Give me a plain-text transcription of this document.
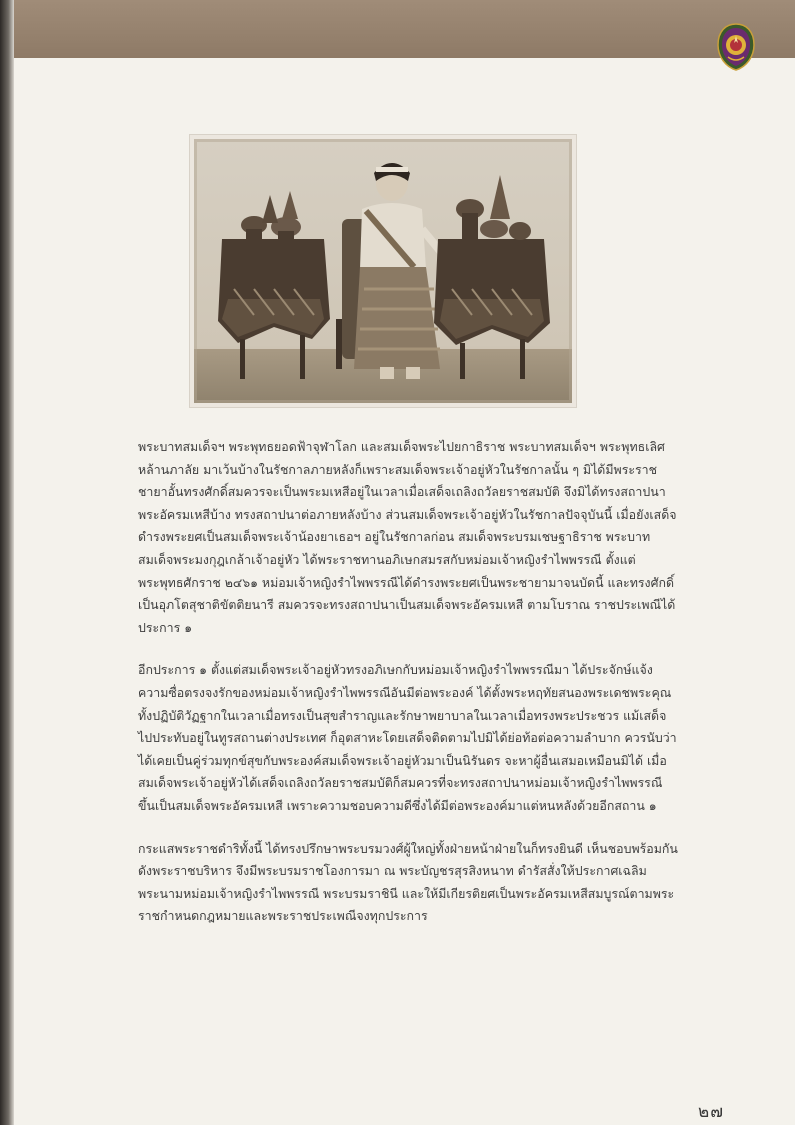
พระบาทสมเด็จฯ พระพุทธยอดฟ้าจุฬาโลก และสมเด็จพระไปยกาธิราช พระบาทสมเด็จฯ พระพุทธเลิศหล้านภาลัย มาเว้นบ้างในรัชกาลภายหลังก็เพราะสมเด็จพระเจ้าอยู่หัวในรัชกาลนั้น ๆ มิได้มีพระราชชายาอั้นทรงศักดิ์สมควรจะเป็นพระมเหสีอยู่ในเวลาเมื่อเสด็จเถลิงถวัลยราชสมบัติ จึงมิได้ทรงสถาปนาพระอัครมเหสีบ้าง ทรงสถาปนาต่อภายหลังบ้าง ส่วนสมเด็จพระเจ้าอยู่หัวในรัชกาลปัจจุบันนี้ เมื่อยังเสด็จดำรงพระยศเป็นสมเด็จพระเจ้าน้องยาเธอฯ อยู่ในรัชกาลก่อน สมเด็จพระบรมเชษฐาธิราช พระบาทสมเด็จพระมงกุฎเกล้าเจ้าอยู่หัว ได้พระราชทานอภิเษกสมรสกับหม่อมเจ้าหญิงรำไพพรรณี ตั้งแต่พระพุทธศักราช ๒๔๖๑ หม่อมเจ้าหญิงรำไพพรรณีได้ดำรงพระยศเป็นพระชายามาจนบัดนี้ และทรงศักดิ์เป็นอุภโตสุชาติขัตติยนารี สมควรจะทรงสถาปนาเป็นสมเด็จพระอัครมเหสี ตามโบราณ ราชประเพณีได้ประการ ๑

อีกประการ ๑ ตั้งแต่สมเด็จพระเจ้าอยู่หัวทรงอภิเษกกับหม่อมเจ้าหญิงรำไพพรรณีมา ได้ประจักษ์แจ้งความซื่อตรงจงรักของหม่อมเจ้าหญิงรำไพพรรณีอันมีต่อพระองค์ ได้ตั้งพระหฤทัยสนองพระเดชพระคุณทั้งปฏิบัติวัฏฐากในเวลาเมื่อทรงเป็นสุขสำราญและรักษาพยาบาลในเวลาเมื่อทรงพระประชวร แม้เสด็จไปประทับอยู่ในทูรสถานต่างประเทศ ก็อุตสาหะโดยเสด็จติดตามไปมิได้ย่อท้อต่อความลำบาก ควรนับว่าได้เคยเป็นคู่ร่วมทุกข์สุขกับพระองค์สมเด็จพระเจ้าอยู่หัวมาเป็นนิรันดร จะหาผู้อื่นเสมอเหมือนมิได้ เมื่อสมเด็จพระเจ้าอยู่หัวได้เสด็จเถลิงถวัลยราชสมบัติก็สมควรที่จะทรงสถาปนาหม่อมเจ้าหญิงรำไพพรรณีขึ้นเป็นสมเด็จพระอัครมเหสี เพราะความชอบความดีซึ่งได้มีต่อพระองค์มาแต่หนหลังด้วยอีกสถาน ๑

กระแสพระราชดำริทั้งนี้ ได้ทรงปรึกษาพระบรมวงศ์ผู้ใหญ่ทั้งฝ่ายหน้าฝ่ายในก็ทรงยินดี เห็นชอบพร้อมกันดังพระราชบริหาร จึงมีพระบรมราชโองการมา ณ พระบัญชรสุรสิงหนาท ดำรัสสั่งให้ประกาศเฉลิมพระนามหม่อมเจ้าหญิงรำไพพรรณี พระบรมราชินี และให้มีเกียรติยศเป็นพระอัครมเหสีสมบูรณ์ตามพระราชกำหนดกฎหมายและพระราชประเพณีจงทุกประการ

๒๗
